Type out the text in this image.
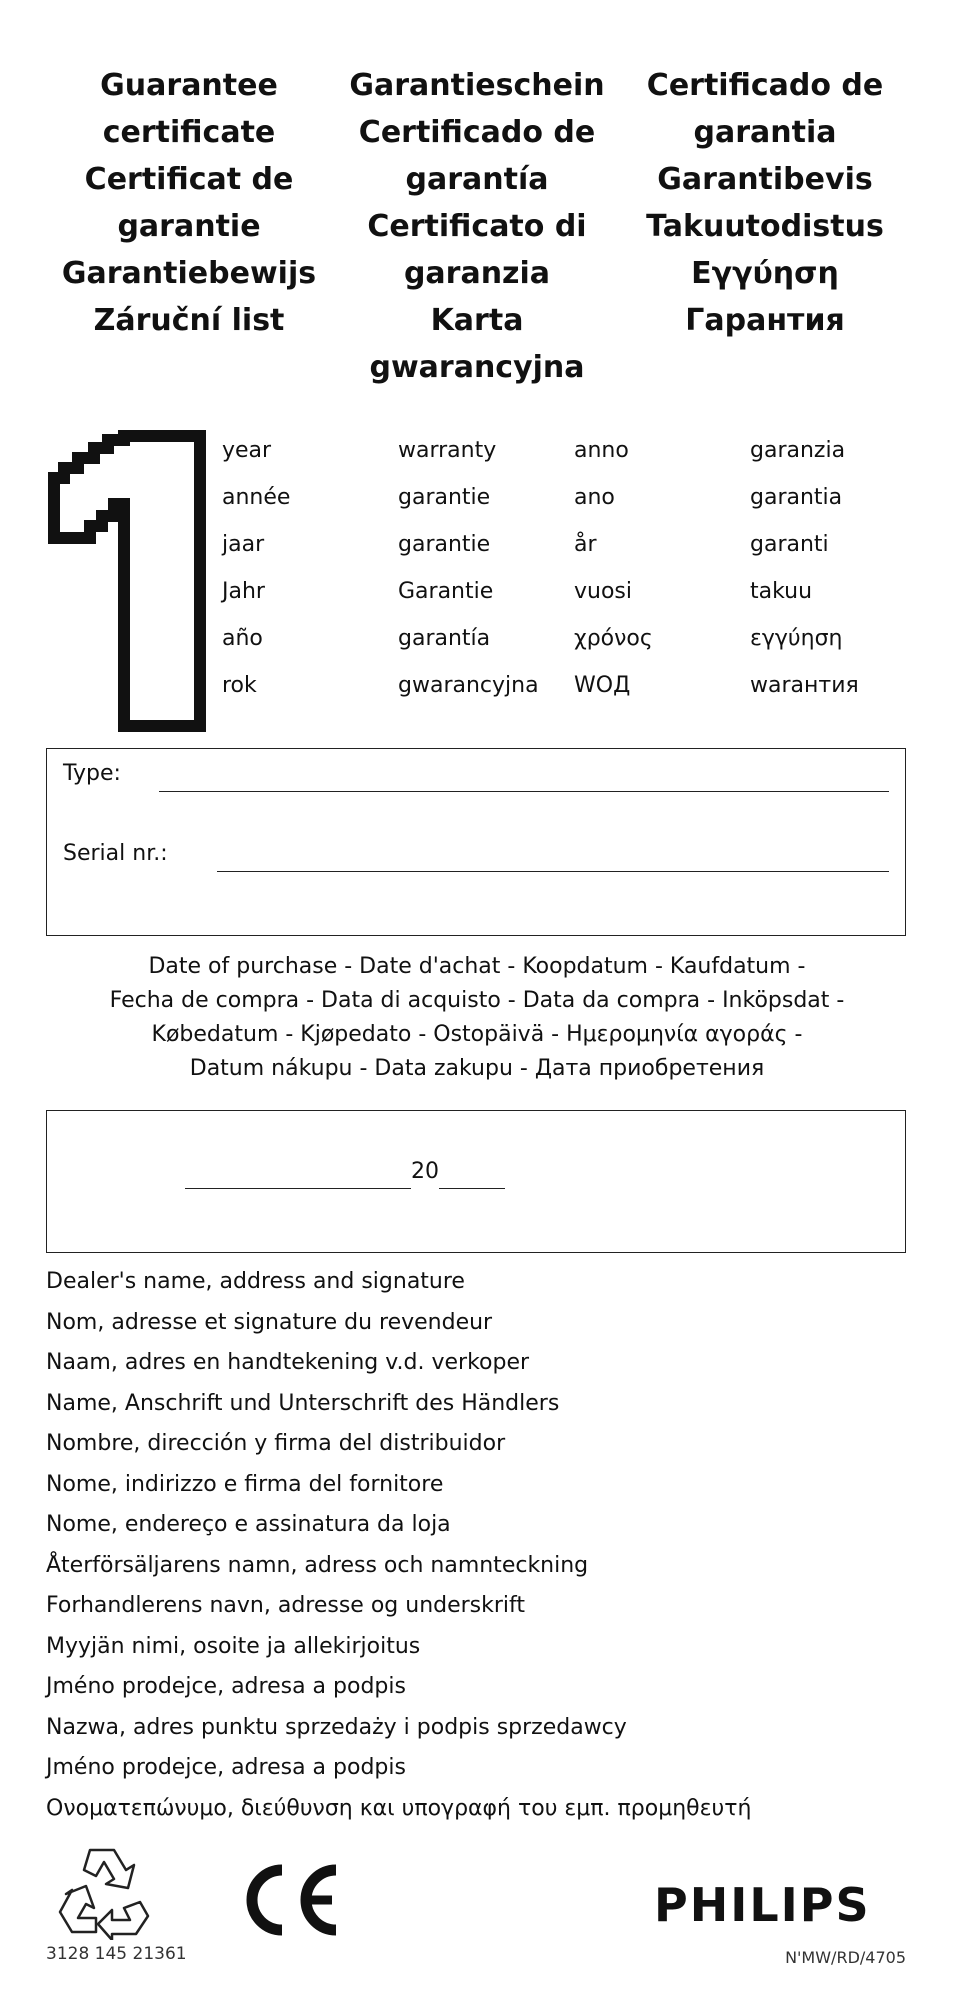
Guarantee
certificate
Certificat de
garantie
Garantiebewijs
Záruční list
Garantieschein
Certificado de
garantía
Certificato di
garanzia
Karta
gwarancyjna
Certificado de
garantia
Garantibevis
Takuutodistus
Εγγύηση
Гарантия
year	warranty	anno	garanzia
année	garantie	ano	garantia
jaar	garantie	år	garanti
Jahr	Garantie	vuosi	takuu
año	garantía	χρόνος	εγγύηση
rok	gwarancyjna	WOД	warантия
Type:
Serial nr.:
Date of purchase - Date d'achat - Koopdatum - Kaufdatum -
Fecha de compra - Data di acquisto - Data da compra - Inköpsdat -
Købedatum - Kjøpedato - Ostopäivä - Ημερομηνία αγοράς -
Datum nákupu - Data zakupu - Дата приобретения
20
Dealer's name, address and signature
Nom, adresse et signature du revendeur
Naam, adres en handtekening v.d. verkoper
Name, Anschrift und Unterschrift des Händlers
Nombre, dirección y firma del distribuidor
Nome, indirizzo e firma del fornitore
Nome, endereço e assinatura da loja
Återförsäljarens namn, adress och namnteckning
Forhandlerens navn, adresse og underskrift
Myyjän nimi, osoite ja allekirjoitus
Jméno prodejce, adresa a podpis
Nazwa, adres punktu sprzedaży i podpis sprzedawcy
Jméno prodejce, adresa a podpis
Ονοματεπώνυμο, διεύθυνση και υπογραφή του εμπ. προμηθευτή
PHILIPS
3128 145 21361	N'MW/RD/4705
